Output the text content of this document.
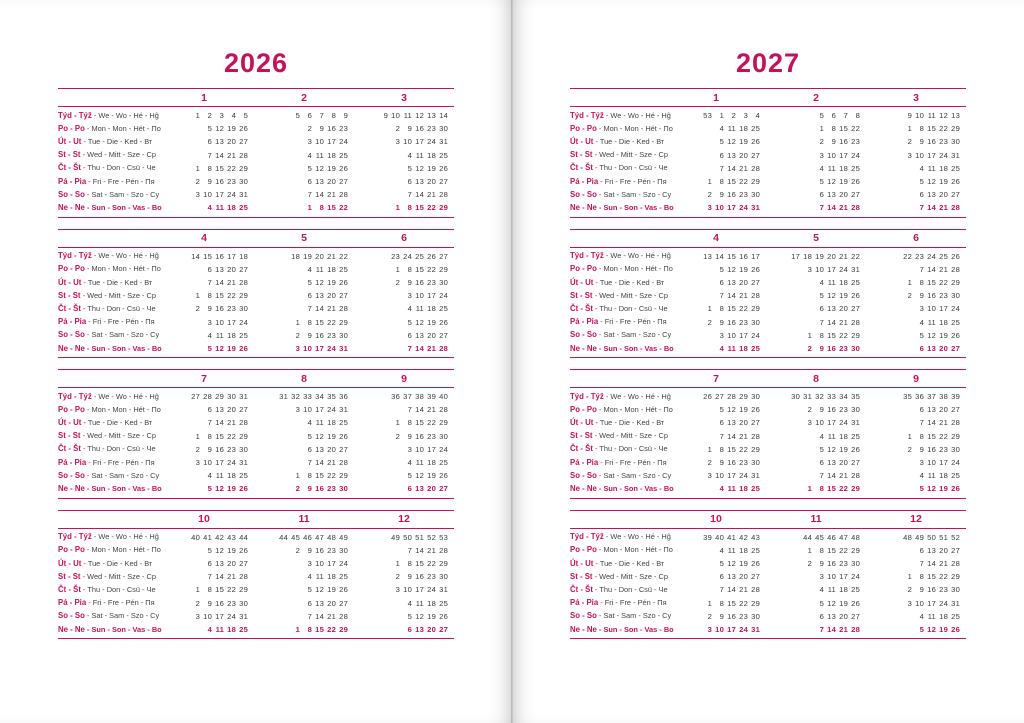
2026
1	2	3
Týd - Týž - We - Wo - Hé - Hĝ	1 2 3 4 5	5 6 7 8 9	9 10 11 12 13 14
Po - Po - Mon - Mon - Hét - По	5 12 19 26	2 9 16 23	2 9 16 23 30
Út - Ut - Tue - Die - Ked - Вт	6 13 20 27	3 10 17 24	3 10 17 24 31
St - St - Wed - Mitt - Sze - Ср	7 14 21 28	4 11 18 25	4 11 18 25
Čt - Št - Thu - Don - Csü - Че	1 8 15 22 29	5 12 19 26	5 12 19 26
Pá - Pia - Fri - Fre - Pén - Пя	2 9 16 23 30	6 13 20 27	6 13 20 27
So - So - Sat - Sam - Szo - Су	3 10 17 24 31	7 14 21 28	7 14 21 28
Ne - Ne - Sun - Son - Vas - Во	4 11 18 25	1 8 15 22	1 8 15 22 29
4	5	6
Týd - Týž - We - Wo - Hé - Hĝ	14 15 16 17 18	18 19 20 21 22	23 24 25 26 27
Po - Po - Mon - Mon - Hét - По	6 13 20 27	4 11 18 25	1 8 15 22 29
Út - Ut - Tue - Die - Ked - Вт	7 14 21 28	5 12 19 26	2 9 16 23 30
St - St - Wed - Mitt - Sze - Ср	1 8 15 22 29	6 13 20 27	3 10 17 24
Čt - Št - Thu - Don - Csü - Че	2 9 16 23 30	7 14 21 28	4 11 18 25
Pá - Pia - Fri - Fre - Pén - Пя	3 10 17 24	1 8 15 22 29	5 12 19 26
So - So - Sat - Sam - Szo - Су	4 11 18 25	2 9 16 23 30	6 13 20 27
Ne - Ne - Sun - Son - Vas - Во	5 12 19 26	3 10 17 24 31	7 14 21 28
7	8	9
Týd - Týž - We - Wo - Hé - Hĝ	27 28 29 30 31	31 32 33 34 35 36	36 37 38 39 40
Po - Po - Mon - Mon - Hét - По	6 13 20 27	3 10 17 24 31	7 14 21 28
Út - Ut - Tue - Die - Ked - Вт	7 14 21 28	4 11 18 25	1 8 15 22 29
St - St - Wed - Mitt - Sze - Ср	1 8 15 22 29	5 12 19 26	2 9 16 23 30
Čt - Št - Thu - Don - Csü - Че	2 9 16 23 30	6 13 20 27	3 10 17 24
Pá - Pia - Fri - Fre - Pén - Пя	3 10 17 24 31	7 14 21 28	4 11 18 25
So - So - Sat - Sam - Szo - Су	4 11 18 25	1 8 15 22 29	5 12 19 26
Ne - Ne - Sun - Son - Vas - Во	5 12 19 26	2 9 16 23 30	6 13 20 27
10	11	12
Týd - Týž - We - Wo - Hé - Hĝ	40 41 42 43 44	44 45 46 47 48 49	49 50 51 52 53
Po - Po - Mon - Mon - Hét - По	5 12 19 26	2 9 16 23 30	7 14 21 28
Út - Ut - Tue - Die - Ked - Вт	6 13 20 27	3 10 17 24	1 8 15 22 29
St - St - Wed - Mitt - Sze - Ср	7 14 21 28	4 11 18 25	2 9 16 23 30
Čt - Št - Thu - Don - Csü - Че	1 8 15 22 29	5 12 19 26	3 10 17 24 31
Pá - Pia - Fri - Fre - Pén - Пя	2 9 16 23 30	6 13 20 27	4 11 18 25
So - So - Sat - Sam - Szo - Су	3 10 17 24 31	7 14 21 28	5 12 19 26
Ne - Ne - Sun - Son - Vas - Во	4 11 18 25	1 8 15 22 29	6 13 20 27
2027
1	2	3
Týd - Týž - We - Wo - Hé - Hĝ	53 1 2 3 4	5 6 7 8	9 10 11 12 13
Po - Po - Mon - Mon - Hét - По	4 11 18 25	1 8 15 22	1 8 15 22 29
Út - Ut - Tue - Die - Ked - Вт	5 12 19 26	2 9 16 23	2 9 16 23 30
St - St - Wed - Mitt - Sze - Ср	6 13 20 27	3 10 17 24	3 10 17 24 31
Čt - Št - Thu - Don - Csü - Че	7 14 21 28	4 11 18 25	4 11 18 25
Pá - Pia - Fri - Fre - Pén - Пя	1 8 15 22 29	5 12 19 26	5 12 19 26
So - So - Sat - Sam - Szo - Су	2 9 16 23 30	6 13 20 27	6 13 20 27
Ne - Ne - Sun - Son - Vas - Во	3 10 17 24 31	7 14 21 28	7 14 21 28
4	5	6
Týd - Týž - We - Wo - Hé - Hĝ	13 14 15 16 17	17 18 19 20 21 22	22 23 24 25 26
Po - Po - Mon - Mon - Hét - По	5 12 19 26	3 10 17 24 31	7 14 21 28
Út - Ut - Tue - Die - Ked - Вт	6 13 20 27	4 11 18 25	1 8 15 22 29
St - St - Wed - Mitt - Sze - Ср	7 14 21 28	5 12 19 26	2 9 16 23 30
Čt - Št - Thu - Don - Csü - Че	1 8 15 22 29	6 13 20 27	3 10 17 24
Pá - Pia - Fri - Fre - Pén - Пя	2 9 16 23 30	7 14 21 28	4 11 18 25
So - So - Sat - Sam - Szo - Су	3 10 17 24	1 8 15 22 29	5 12 19 26
Ne - Ne - Sun - Son - Vas - Во	4 11 18 25	2 9 16 23 30	6 13 20 27
7	8	9
Týd - Týž - We - Wo - Hé - Hĝ	26 27 28 29 30	30 31 32 33 34 35	35 36 37 38 39
Po - Po - Mon - Mon - Hét - По	5 12 19 26	2 9 16 23 30	6 13 20 27
Út - Ut - Tue - Die - Ked - Вт	6 13 20 27	3 10 17 24 31	7 14 21 28
St - St - Wed - Mitt - Sze - Ср	7 14 21 28	4 11 18 25	1 8 15 22 29
Čt - Št - Thu - Don - Csü - Че	1 8 15 22 29	5 12 19 26	2 9 16 23 30
Pá - Pia - Fri - Fre - Pén - Пя	2 9 16 23 30	6 13 20 27	3 10 17 24
So - So - Sat - Sam - Szo - Су	3 10 17 24 31	7 14 21 28	4 11 18 25
Ne - Ne - Sun - Son - Vas - Во	4 11 18 25	1 8 15 22 29	5 12 19 26
10	11	12
Týd - Týž - We - Wo - Hé - Hĝ	39 40 41 42 43	44 45 46 47 48	48 49 50 51 52
Po - Po - Mon - Mon - Hét - По	4 11 18 25	1 8 15 22 29	6 13 20 27
Út - Ut - Tue - Die - Ked - Вт	5 12 19 26	2 9 16 23 30	7 14 21 28
St - St - Wed - Mitt - Sze - Ср	6 13 20 27	3 10 17 24	1 8 15 22 29
Čt - Št - Thu - Don - Csü - Че	7 14 21 28	4 11 18 25	2 9 16 23 30
Pá - Pia - Fri - Fre - Pén - Пя	1 8 15 22 29	5 12 19 26	3 10 17 24 31
So - So - Sat - Sam - Szo - Су	2 9 16 23 30	6 13 20 27	4 11 18 25
Ne - Ne - Sun - Son - Vas - Во	3 10 17 24 31	7 14 21 28	5 12 19 26
